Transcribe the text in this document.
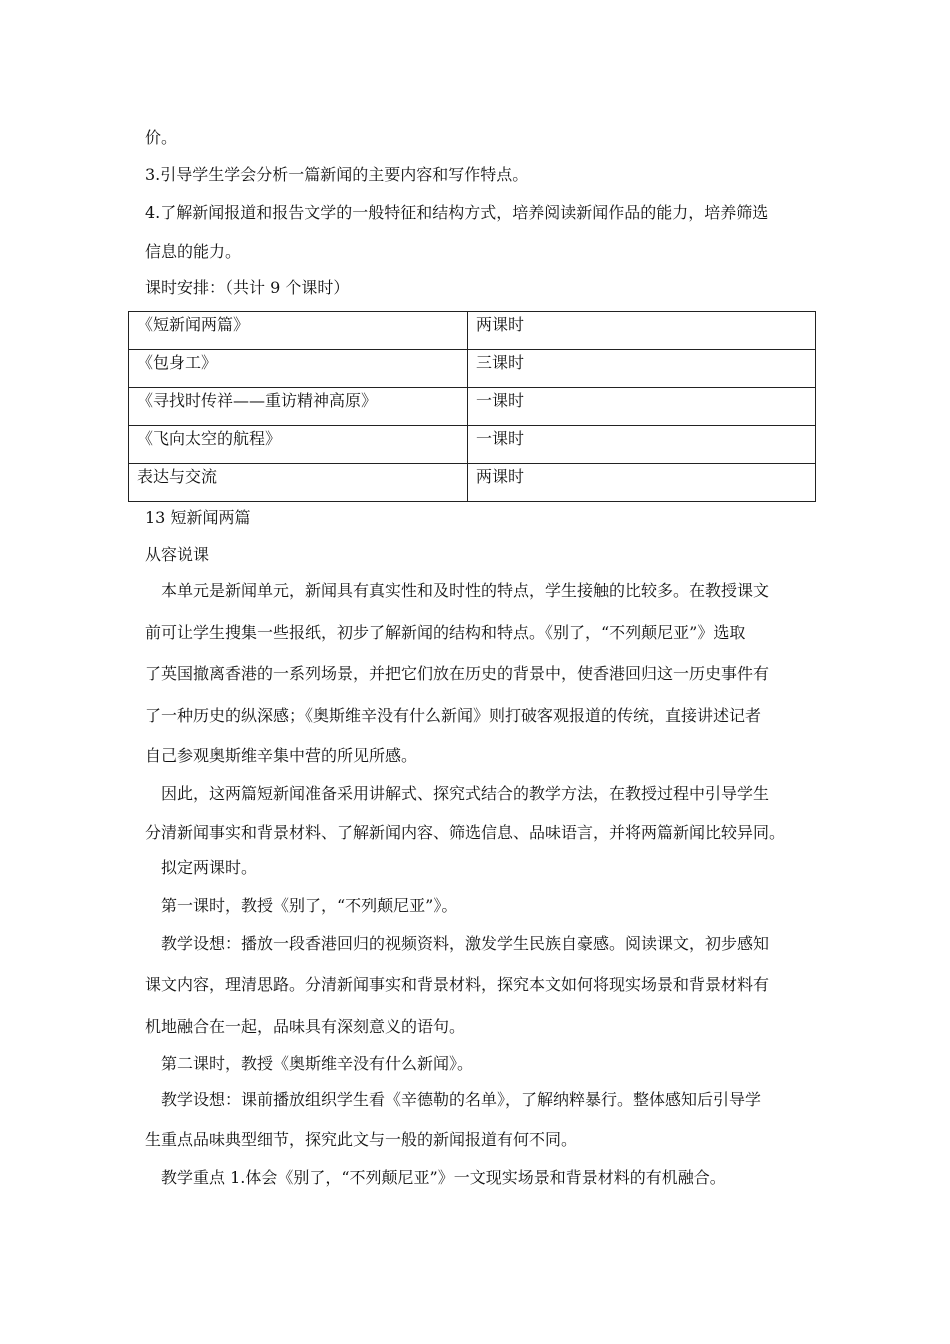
价。
3.引导学生学会分析一篇新闻的主要内容和写作特点。
4.了解新闻报道和报告文学的一般特征和结构方式，培养阅读新闻作品的能力，培养筛选
信息的能力。
课时安排：（共计 9 个课时）
《短新闻两篇》	两课时
《包身工》	三课时
《寻找时传祥——重访精神高原》	一课时
《飞向太空的航程》	一课时
表达与交流	两课时
13 短新闻两篇
从容说课
　本单元是新闻单元，新闻具有真实性和及时性的特点，学生接触的比较多。在教授课文
前可让学生搜集一些报纸，初步了解新闻的结构和特点。《别了，“不列颠尼亚”》选取
了英国撤离香港的一系列场景，并把它们放在历史的背景中，使香港回归这一历史事件有
了一种历史的纵深感；《奥斯维辛没有什么新闻》则打破客观报道的传统，直接讲述记者
自己参观奥斯维辛集中营的所见所感。
　因此，这两篇短新闻准备采用讲解式、探究式结合的教学方法，在教授过程中引导学生
分清新闻事实和背景材料、了解新闻内容、筛选信息、品味语言，并将两篇新闻比较异同。
　拟定两课时。
　第一课时，教授《别了，“不列颠尼亚”》。
　教学设想：播放一段香港回归的视频资料，激发学生民族自豪感。阅读课文，初步感知
课文内容，理清思路。分清新闻事实和背景材料，探究本文如何将现实场景和背景材料有
机地融合在一起，品味具有深刻意义的语句。
　第二课时，教授《奥斯维辛没有什么新闻》。
　教学设想：课前播放组织学生看《辛德勒的名单》，了解纳粹暴行。整体感知后引导学
生重点品味典型细节，探究此文与一般的新闻报道有何不同。
　教学重点 1.体会《别了，“不列颠尼亚”》一文现实场景和背景材料的有机融合。
